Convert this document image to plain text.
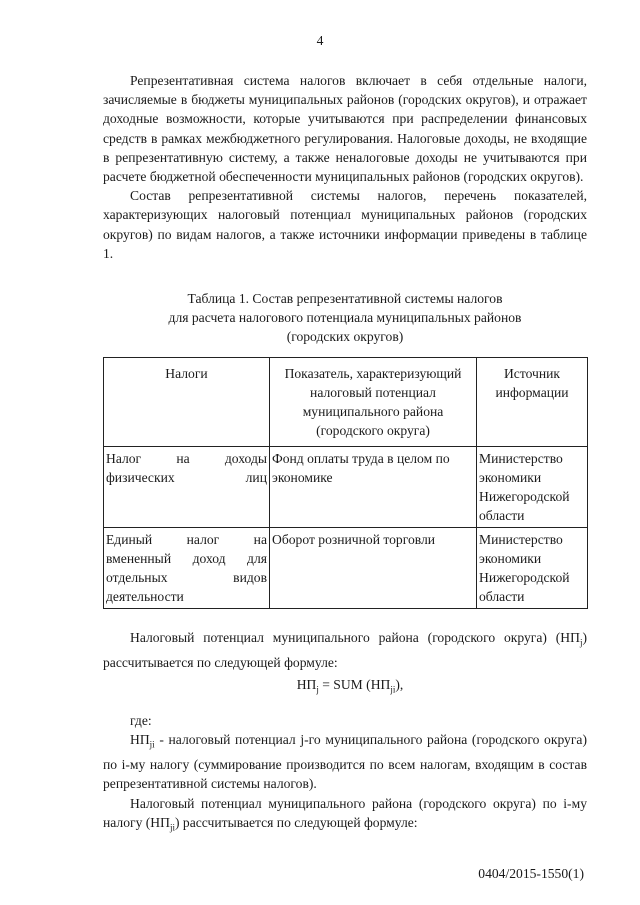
4

Репрезентативная система налогов включает в себя отдельные налоги, зачисляемые в бюджеты муниципальных районов (городских округов), и отражает доходные возможности, которые учитываются при распределении финансовых средств в рамках межбюджетного регулирования. Налоговые доходы, не входящие в репрезентативную систему, а также неналоговые доходы не учитываются при расчете бюджетной обеспеченности муниципальных районов (городских округов).

Состав репрезентативной системы налогов, перечень показателей, характеризующих налоговый потенциал муниципальных районов (городских округов) по видам налогов, а также источники информации приведены в таблице 1.

Таблица 1. Состав репрезентативной системы налогов
для расчета налогового потенциала муниципальных районов
(городских округов)
Налоги	Показатель, характеризующий налоговый потенциал муниципального района (городского округа)	Источник информации
Налог на доходы физических лиц	Фонд оплаты труда в целом по экономике	Министерство экономики Нижегородской области
Единый налог на вмененный доход для отдельных видов деятельности	Оборот розничной торговли	Министерство экономики Нижегородской области

Налоговый потенциал муниципального района (городского округа) $(НП_j)$ рассчитывается по следующей формуле:

$НП_j$ = SUM $(НП_{ji})$,

где:

$НП_{ji}$ - налоговый потенциал j-го муниципального района (городского округа) по i-му налогу (суммирование производится по всем налогам, входящим в состав репрезентативной системы налогов).

Налоговый потенциал муниципального района (городского округа) по i-му налогу $(НП_{ji})$ рассчитывается по следующей формуле:

0404/2015-1550(1)
